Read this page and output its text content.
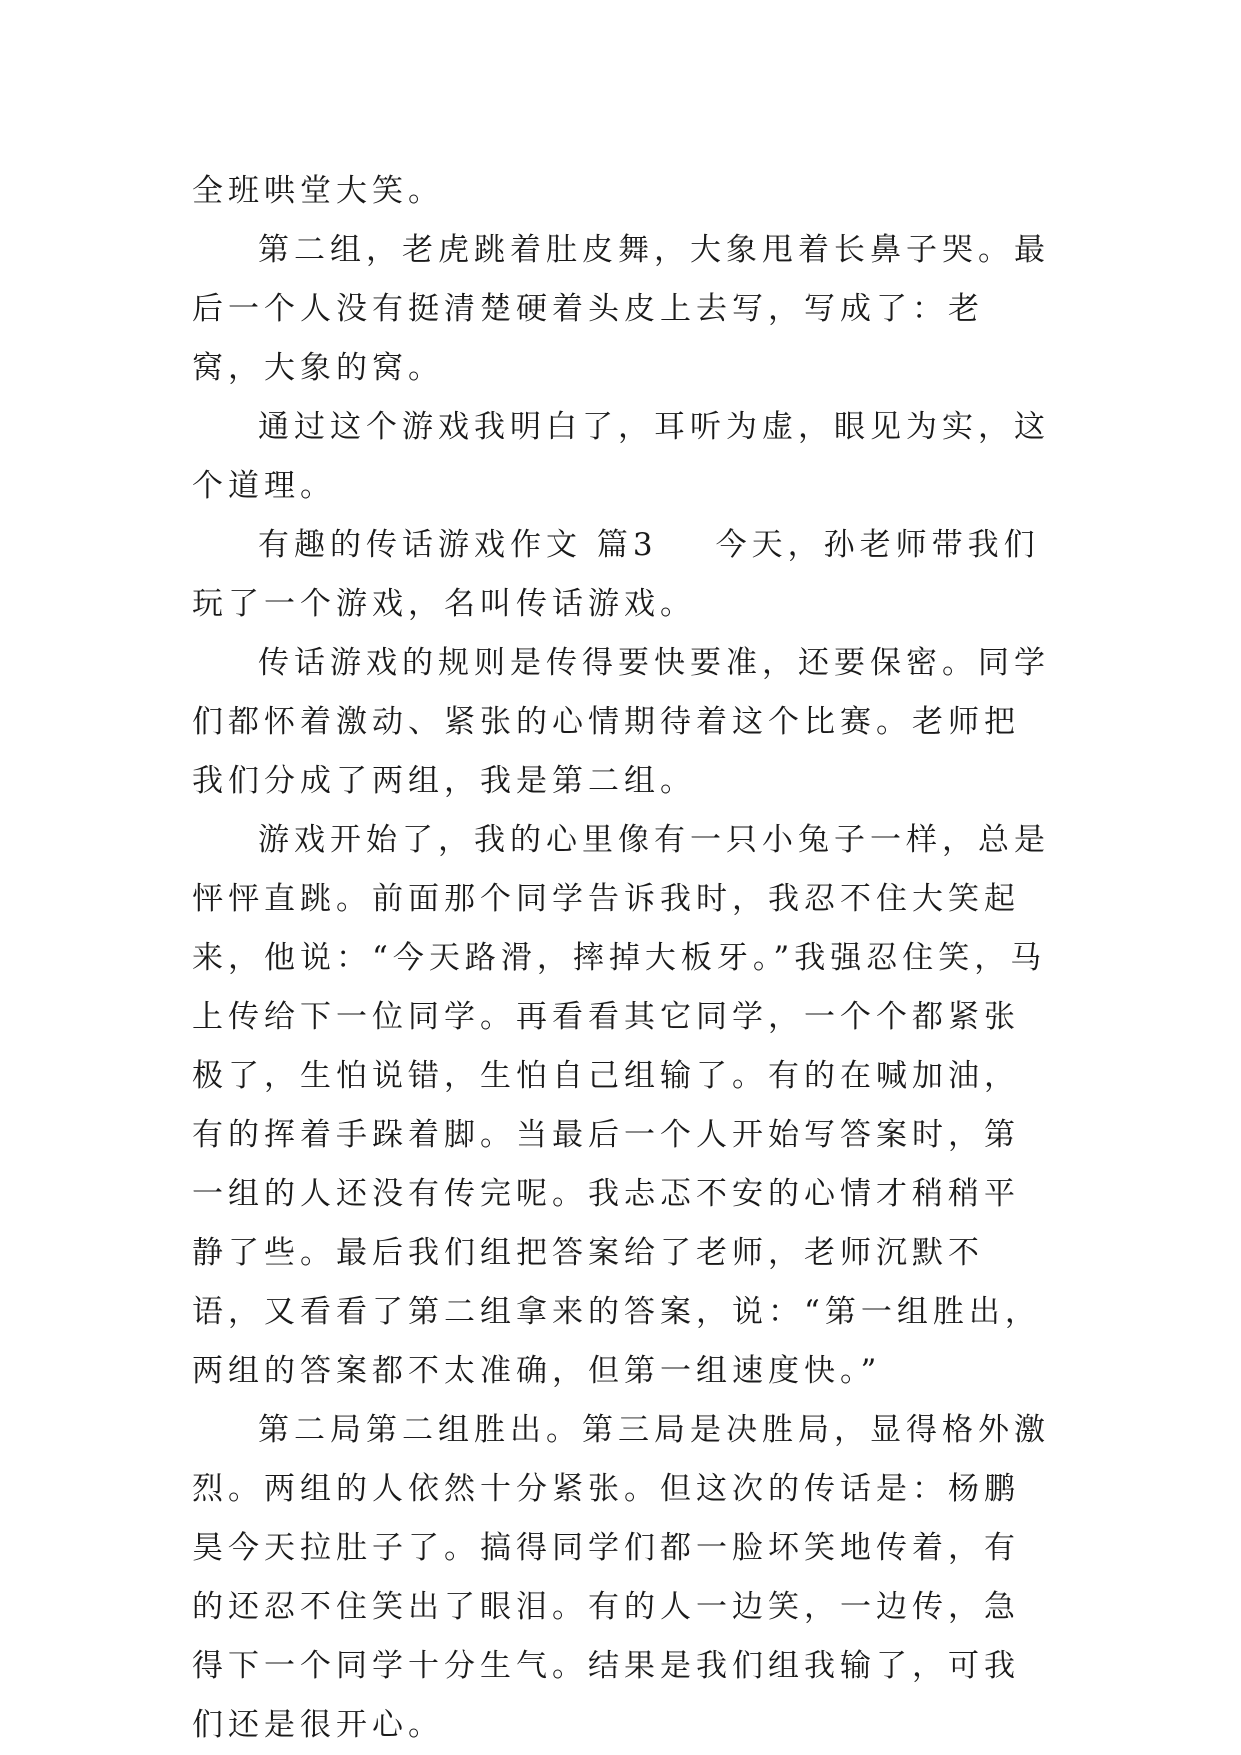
全班哄堂大笑。

第二组，老虎跳着肚皮舞，大象甩着长鼻子哭。最后一个人没有挺清楚硬着头皮上去写，写成了：老窝，大象的窝。

通过这个游戏我明白了，耳听为虚，眼见为实，这个道理。

有趣的传话游戏作文 篇3 今天，孙老师带我们玩了一个游戏，名叫传话游戏。

传话游戏的规则是传得要快要准，还要保密。同学们都怀着激动、紧张的心情期待着这个比赛。老师把我们分成了两组，我是第二组。

游戏开始了，我的心里像有一只小兔子一样，总是怦怦直跳。前面那个同学告诉我时，我忍不住大笑起来，他说：“今天路滑，摔掉大板牙。”我强忍住笑，马上传给下一位同学。再看看其它同学，一个个都紧张极了，生怕说错，生怕自己组输了。有的在喊加油，有的挥着手跺着脚。当最后一个人开始写答案时，第一组的人还没有传完呢。我忐忑不安的心情才稍稍平静了些。最后我们组把答案给了老师，老师沉默不语，又看看了第二组拿来的答案，说：“第一组胜出，两组的答案都不太准确，但第一组速度快。”

第二局第二组胜出。第三局是决胜局，显得格外激烈。两组的人依然十分紧张。但这次的传话是：杨鹏昊今天拉肚子了。搞得同学们都一脸坏笑地传着，有的还忍不住笑出了眼泪。有的人一边笑，一边传，急得下一个同学十分生气。结果是我们组我输了，可我们还是很开心。
